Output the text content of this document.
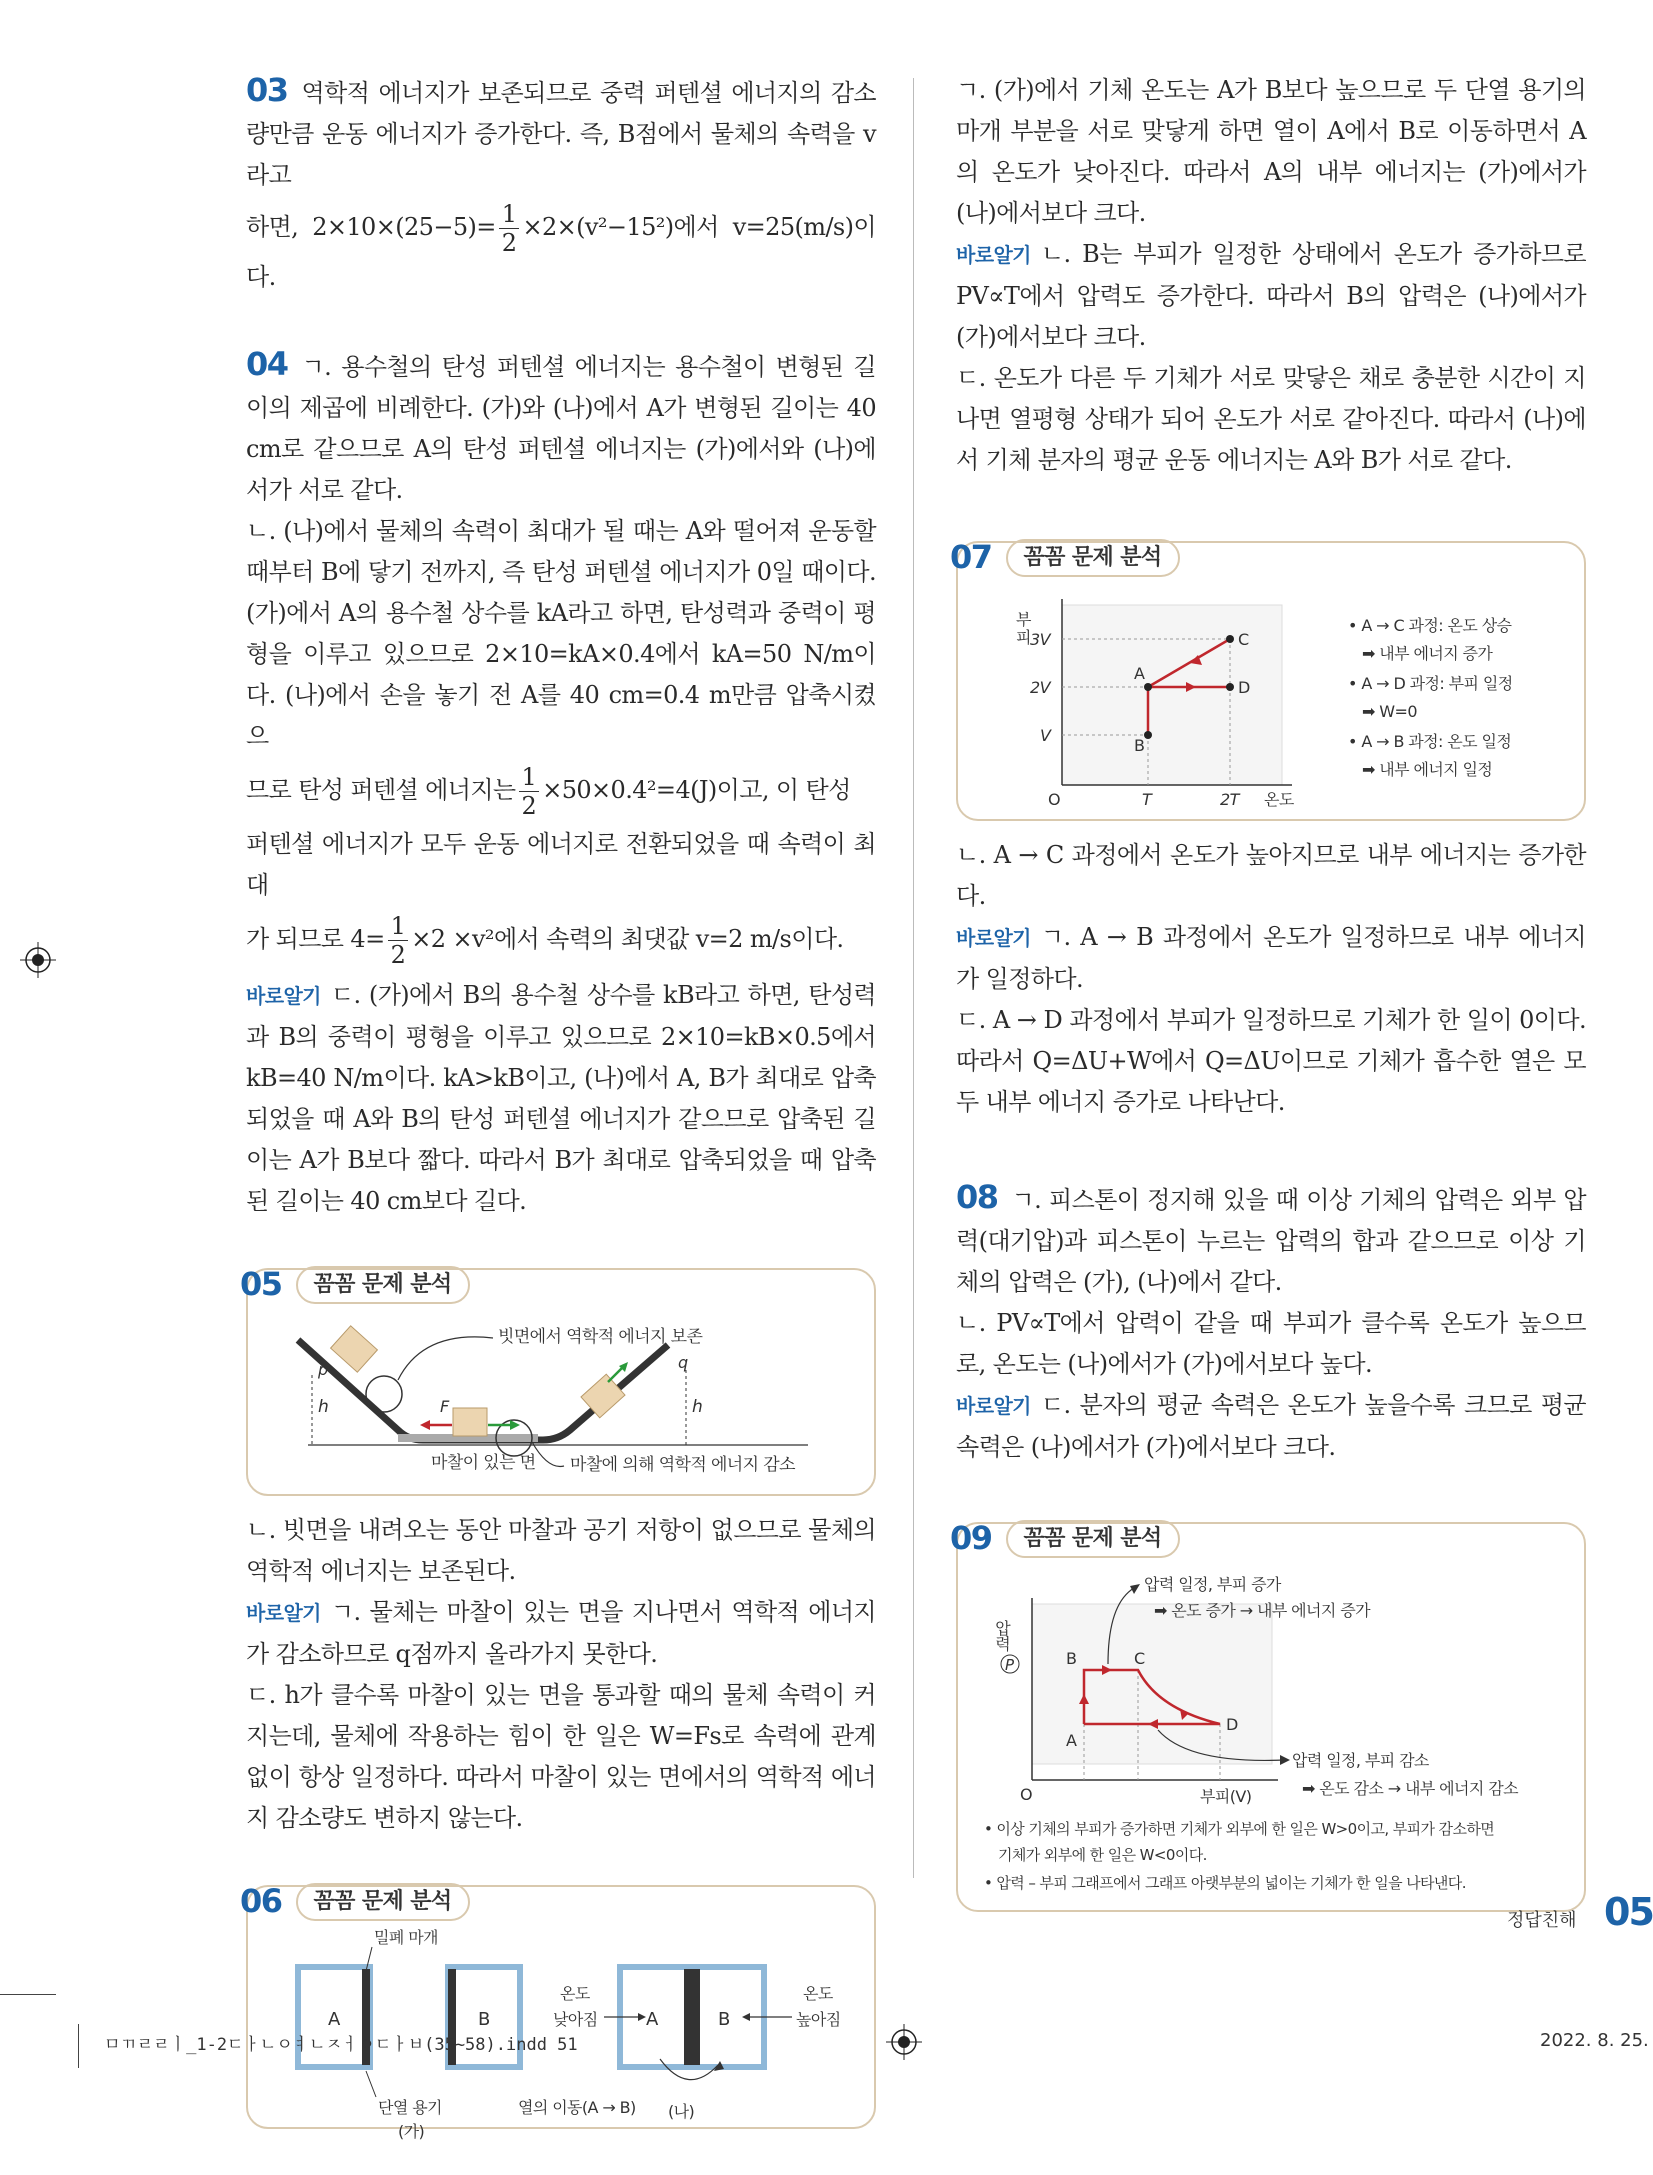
03 역학적 에너지가 보존되므로 중력 퍼텐셜 에너지의 감소량만큼 운동 에너지가 증가한다. 즉, B점에서 물체의 속력을 v라고

하면, $2\times 10\times(25-5)= \frac{1}{2} \times 2\times(v^2-15^2)$에서 v=25(m/s)이다.

04 ㄱ. 용수철의 탄성 퍼텐셜 에너지는 용수철이 변형된 길이의 제곱에 비례한다. (가)와 (나)에서 A가 변형된 길이는 40 cm로 같으므로 A의 탄성 퍼텐셜 에너지는 (가)에서와 (나)에서가 서로 같다.

ㄴ. (나)에서 물체의 속력이 최대가 될 때는 A와 떨어져 운동할 때부터 B에 닿기 전까지, 즉 탄성 퍼텐셜 에너지가 0일 때이다. (가)에서 A의 용수철 상수를 kA라고 하면, 탄성력과 중력이 평형을 이루고 있으므로 2×10=kA×0.4에서 kA=50 N/m이다. (나)에서 손을 놓기 전 A를 40 cm=0.4 m만큼 압축시켰으

므로 탄성 퍼텐셜 에너지는 $\frac{1}{2} \times 50\times 0.4^2=4(J)$이고, 이 탄성

퍼텐셜 에너지가 모두 운동 에너지로 전환되었을 때 속력이 최대

가 되므로 $4= \frac{1}{2} \times 2 \times v^2$에서 속력의 최댓값 v=2 m/s이다.

바로알기 ㄷ. (가)에서 B의 용수철 상수를 kB라고 하면, 탄성력과 B의 중력이 평형을 이루고 있으므로 2×10=kB×0.5에서 kB=40 N/m이다. kA>kB이고, (나)에서 A, B가 최대로 압축되었을 때 A와 B의 탄성 퍼텐셜 에너지가 같으므로 압축된 길이는 A가 B보다 짧다. 따라서 B가 최대로 압축되었을 때 압축된 길이는 40 cm보다 길다.

05	꼼꼼 문제 분석
빗면에서 역학적 에너지 보존
마찰에 의해 역학적 에너지 감소
마찰이 있는 면
p	q
h	h
F

ㄴ. 빗면을 내려오는 동안 마찰과 공기 저항이 없으므로 물체의 역학적 에너지는 보존된다.

바로알기 ㄱ. 물체는 마찰이 있는 면을 지나면서 역학적 에너지가 감소하므로 q점까지 올라가지 못한다.

ㄷ. h가 클수록 마찰이 있는 면을 통과할 때의 물체 속력이 커지는데, 물체에 작용하는 힘이 한 일은 W=Fs로 속력에 관계없이 항상 일정하다. 따라서 마찰이 있는 면에서의 역학적 에너지 감소량도 변하지 않는다.

06	꼼꼼 문제 분석
A	B
밀폐 마개
단열 용기
(가)
A	B
온도
낮아짐
온도
높아짐
열의 이동(A → B) (나)

ㄱ. (가)에서 기체 온도는 A가 B보다 높으므로 두 단열 용기의 마개 부분을 서로 맞닿게 하면 열이 A에서 B로 이동하면서 A의 온도가 낮아진다. 따라서 A의 내부 에너지는 (가)에서가 (나)에서보다 크다.

바로알기 ㄴ. B는 부피가 일정한 상태에서 온도가 증가하므로 PV∝T에서 압력도 증가한다. 따라서 B의 압력은 (나)에서가 (가)에서보다 크다.

ㄷ. 온도가 다른 두 기체가 서로 맞닿은 채로 충분한 시간이 지나면 열평형 상태가 되어 온도가 서로 같아진다. 따라서 (나)에서 기체 분자의 평균 운동 에너지는 A와 B가 서로 같다.

07	꼼꼼 문제 분석
A
C
D
B
부
피 3V
2V
V
O	T	2T 온도
• A → C 과정: 온도 상승
➡ 내부 에너지 증가
• A → D 과정: 부피 일정
➡ W=0
• A → B 과정: 온도 일정
➡ 내부 에너지 일정

ㄴ. A → C 과정에서 온도가 높아지므로 내부 에너지는 증가한다.

바로알기 ㄱ. A → B 과정에서 온도가 일정하므로 내부 에너지가 일정하다.

ㄷ. A → D 과정에서 부피가 일정하므로 기체가 한 일이 0이다. 따라서 Q=ΔU+W에서 Q=ΔU이므로 기체가 흡수한 열은 모두 내부 에너지 증가로 나타난다.

08 ㄱ. 피스톤이 정지해 있을 때 이상 기체의 압력은 외부 압력(대기압)과 피스톤이 누르는 압력의 합과 같으므로 이상 기체의 압력은 (가), (나)에서 같다.

ㄴ. PV∝T에서 압력이 같을 때 부피가 클수록 온도가 높으므로, 온도는 (나)에서가 (가)에서보다 높다.

바로알기 ㄷ. 분자의 평균 속력은 온도가 높을수록 크므로 평균 속력은 (나)에서가 (가)에서보다 크다.

09	꼼꼼 문제 분석
B	C
D
A
압력
P
O	부피(V)
압력 일정, 부피 증가
➡ 온도 증가 → 내부 에너지 증가
압력 일정, 부피 감소
➡ 온도 감소 → 내부 에너지 감소
• 이상 기체의 부피가 증가하면 기체가 외부에 한 일은 W>0이고, 부피가 감소하면
기체가 외부에 한 일은 W<0이다.
• 압력 – 부피 그래프에서 그래프 아랫부분의 넓이는 기체가 한 일을 나타낸다.
정답친해 05
ㅁㄲㄹㄹㅣ_1-2ㄷㅏㄴㅇㅕㄴㅈㅓㅇㄷㅏㅂ(35~58).indd 51	2022. 8. 25.
